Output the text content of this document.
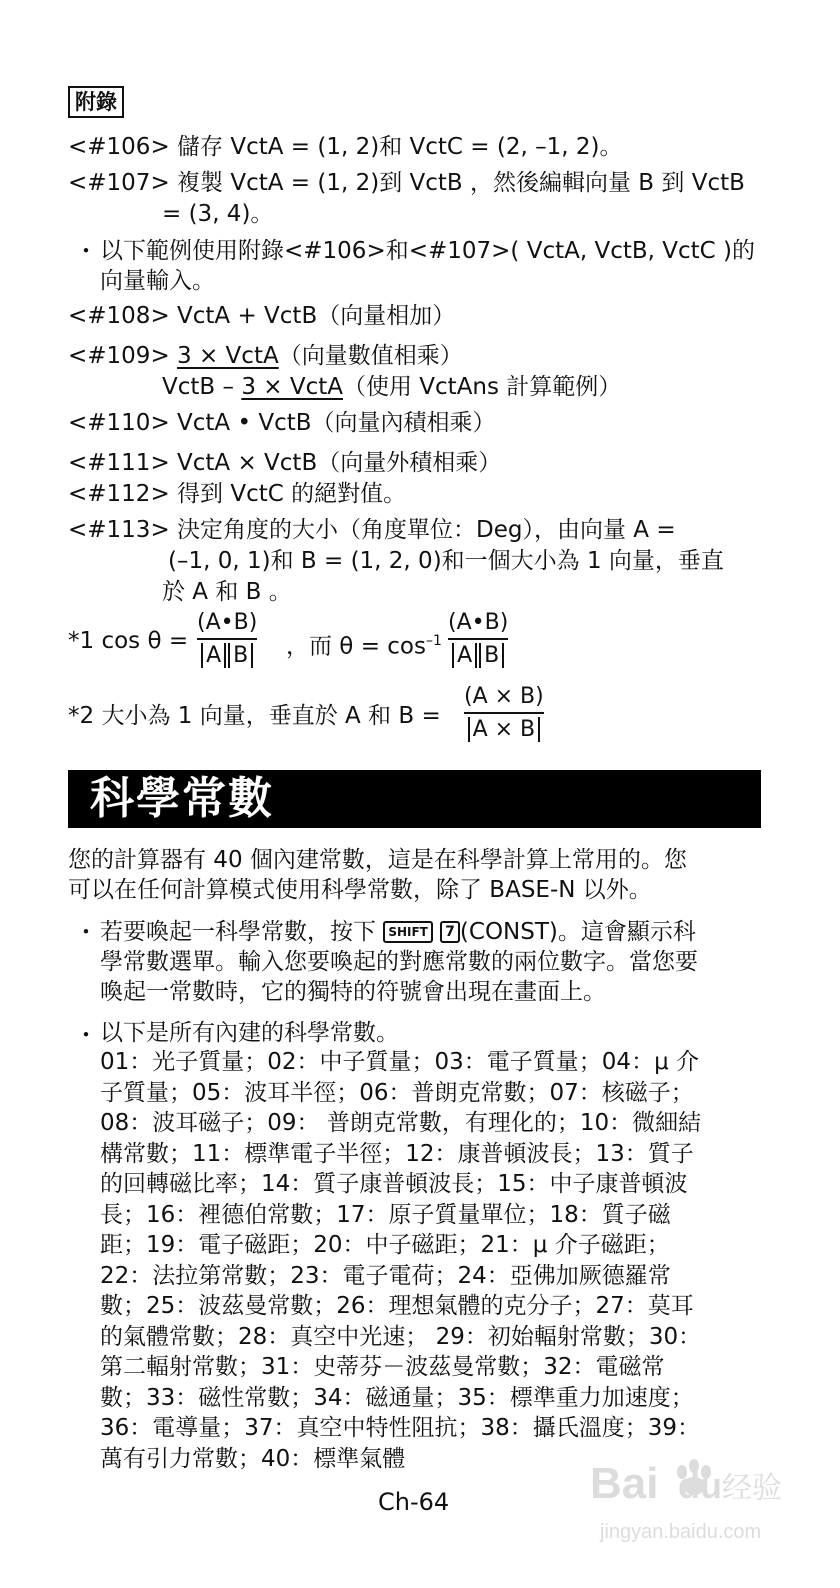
附錄
<#106> 儲存 VctA = (1, 2)和 VctC = (2, –1, 2)。
<#107> 複製 VctA = (1, 2)到 VctB ，然後編輯向量 B 到 VctB
= (3, 4)。
・ 以下範例使用附錄<#106>和<#107>( VctA, VctB, VctC )的
向量輸入。
<#108> VctA + VctB（向量相加）
<#109> 3 × VctA（向量數值相乘）
VctB – 3 × VctA（使用 VctAns 計算範例）
<#110> VctA • VctB（向量內積相乘）
<#111> VctA × VctB（向量外積相乘）
<#112> 得到 VctC 的絕對值。
<#113> 決定角度的大小（角度單位：Deg），由向量 A =
(–1, 0, 1)和 B = (1, 2, 0)和一個大小為 1 向量，垂直
於 A 和 B 。
*1 $\cos \theta = \frac{(A•B)}{\text{A B}}$ ，而 $\theta = \cos^{-1} \frac{(A•B)}{\text{A B}}$
*2 大小為 1 向量，垂直於 A 和 $B = \frac{(A \times B)}{A \times B}$
科學常數
您的計算器有 40 個內建常數，這是在科學計算上常用的。您
可以在任何計算模式使用科學常數，除了 BASE-N 以外。
・ 若要喚起一科學常數，按下 SHIFT 7 (CONST)。這會顯示科
學常數選單。輸入您要喚起的對應常數的兩位數字。當您要
喚起一常數時，它的獨特的符號會出現在畫面上。
・ 以下是所有內建的科學常數。
01：光子質量；02：中子質量；03：電子質量；04：μ 介
子質量；05：波耳半徑；06：普朗克常數；07：核磁子；
08：波耳磁子；09： 普朗克常數，有理化的；10：微細結
構常數；11：標準電子半徑；12：康普頓波長；13：質子
的回轉磁比率；14：質子康普頓波長；15：中子康普頓波
長；16：裡德伯常數；17：原子質量單位；18：質子磁
距；19：電子磁距；20：中子磁距；21：μ 介子磁距；
22：法拉第常數；23：電子電荷；24：亞佛加厥德羅常
數；25：波茲曼常數；26：理想氣體的克分子；27：莫耳
的氣體常數；28：真空中光速； 29：初始輻射常數；30：
第二輻射常數；31：史蒂芬－波茲曼常數；32：電磁常
數；33：磁性常數；34：磁通量；35：標準重力加速度；
36：電導量；37：真空中特性阻抗；38：攝氏溫度；39：
萬有引力常數；40：標準氣體
Ch-64	Bai du 经验
jingyan.baidu.com
